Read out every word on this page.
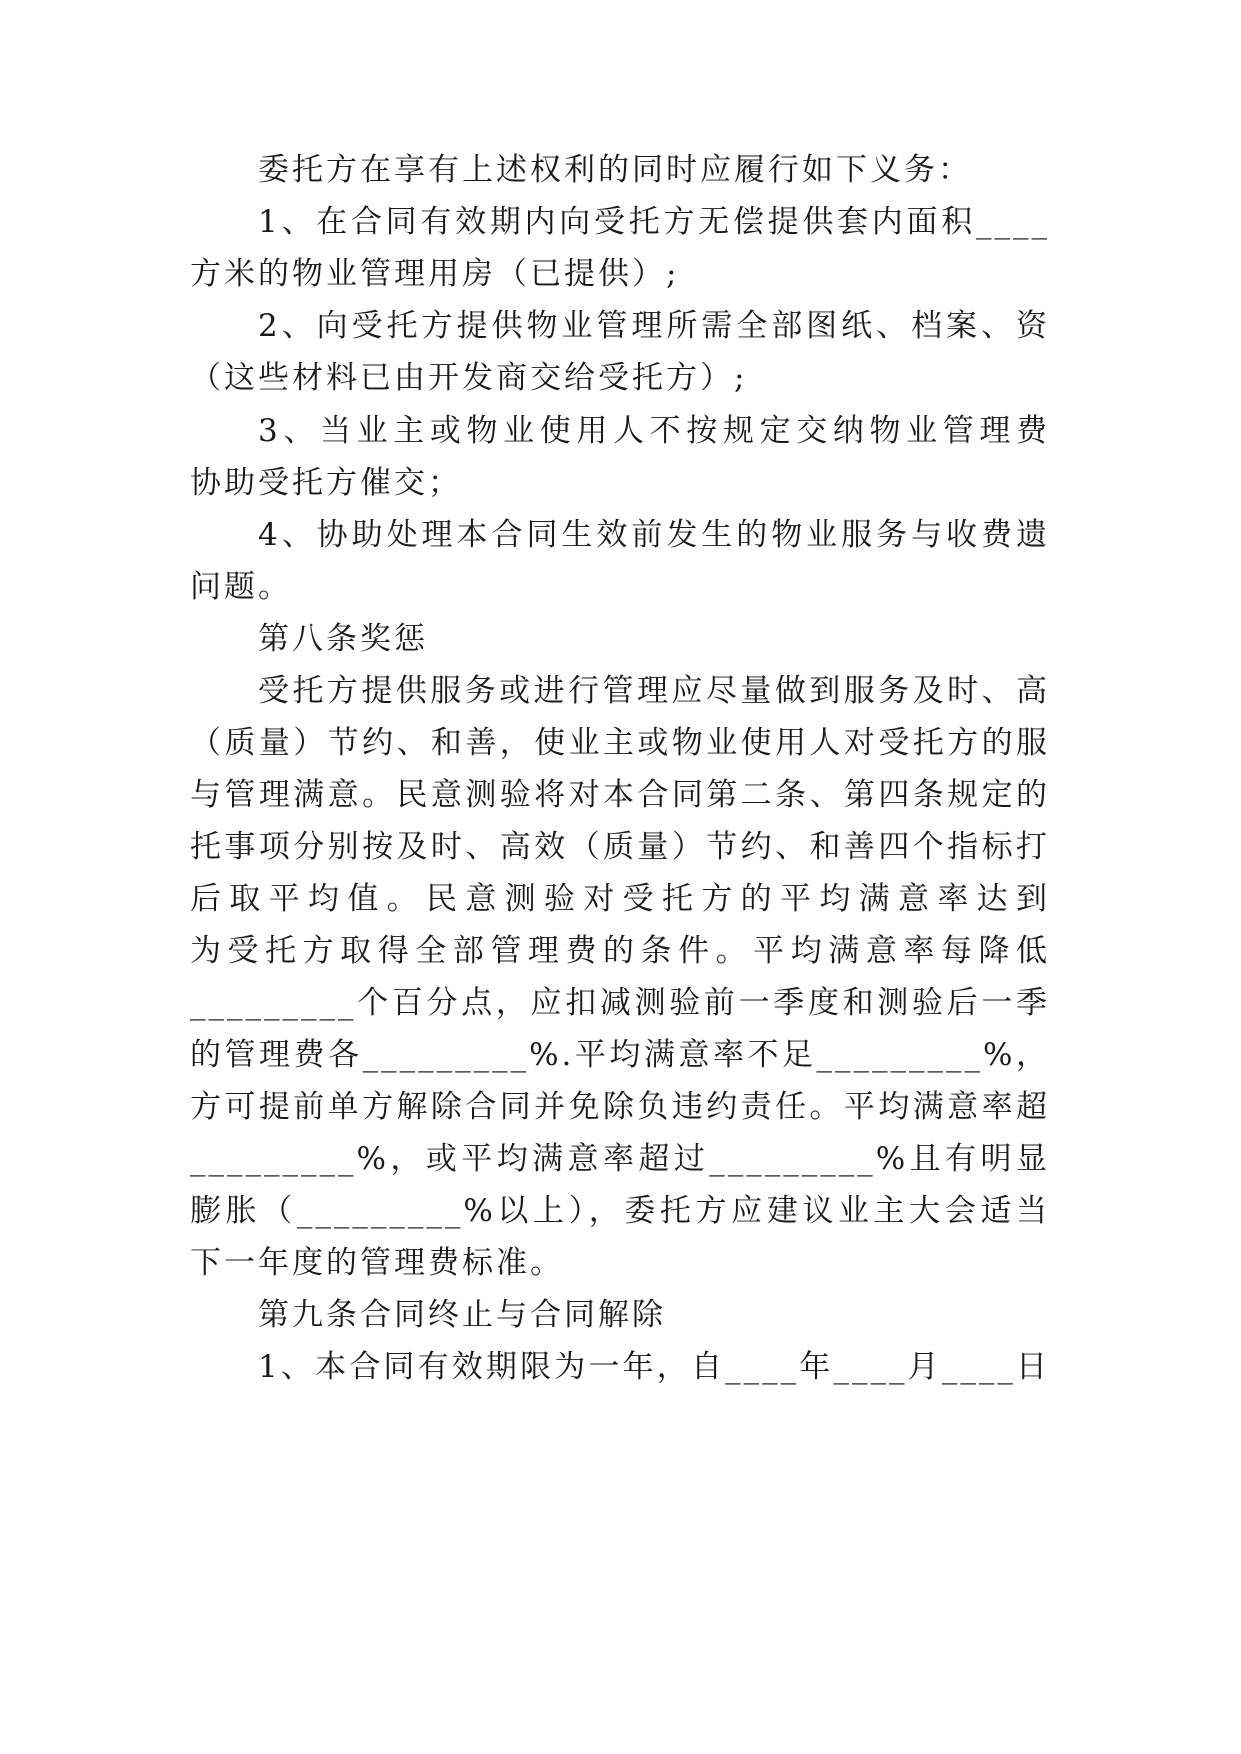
委托方在享有上述权利的同时应履行如下义务：
1、在合同有效期内向受托方无偿提供套内面积____
方米的物业管理用房（已提供）;
2、向受托方提供物业管理所需全部图纸、档案、资
（这些材料已由开发商交给受托方）;
3、当业主或物业使用人不按规定交纳物业管理费
协助受托方催交；
4、协助处理本合同生效前发生的物业服务与收费遗
问题。
第八条奖惩
受托方提供服务或进行管理应尽量做到服务及时、高
（质量）节约、和善，使业主或物业使用人对受托方的服
与管理满意。民意测验将对本合同第二条、第四条规定的
托事项分别按及时、高效（质量）节约、和善四个指标打
后取平均值。民意测验对受托方的平均满意率达到
为受托方取得全部管理费的条件。平均满意率每降低
_________个百分点，应扣减测验前一季度和测验后一季
的管理费各_________%.平均满意率不足_________%，
方可提前单方解除合同并免除负违约责任。平均满意率超
_________%，或平均满意率超过_________%且有明显
膨胀（_________%以上），委托方应建议业主大会适当
下一年度的管理费标准。
第九条合同终止与合同解除
1、本合同有效期限为一年，自____年____月____日
